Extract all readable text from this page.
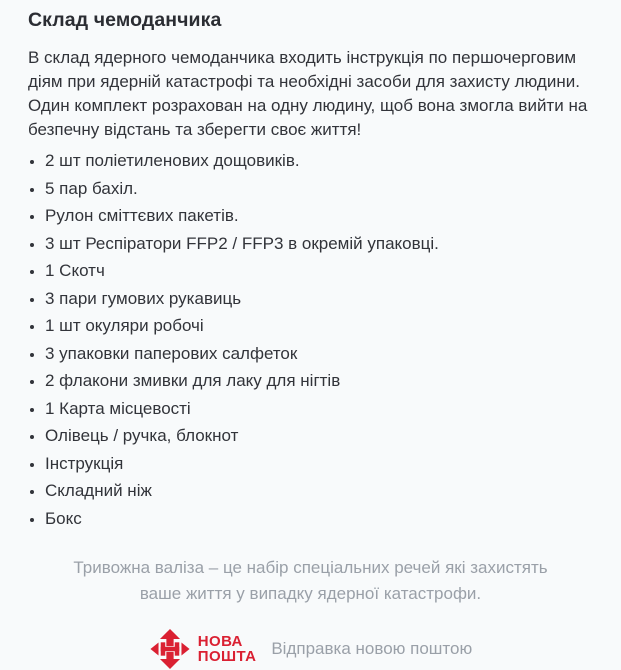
Склад чемоданчика

В склад ядерного чемоданчика входить інструкція по першочерговим діям при ядерній катастрофі та необхідні засоби для захисту людини. Один комплект розрахован на одну людину, щоб вона змогла вийти на безпечну відстань та зберегти своє життя!

• 2 шт поліетиленових дощовиків.
• 5 пар бахіл.
• Рулон сміттєвих пакетів.
• 3 шт Респіратори FFP2 / FFP3 в окремій упаковці.
• 1 Скотч
• 3 пари гумових рукавиць
• 1 шт окуляри робочі
• 3 упаковки паперових салфеток
• 2 флакони змивки для лаку для нігтів
• 1 Карта місцевості
• Олівець / ручка, блокнот
• Інструкція
• Складний ніж
• Бокс

Тривожна валіза – це набір спеціальних речей які захистять ваше життя у випадку ядерної катастрофи.

НОВА
ПОШТА Відправка новою поштою
